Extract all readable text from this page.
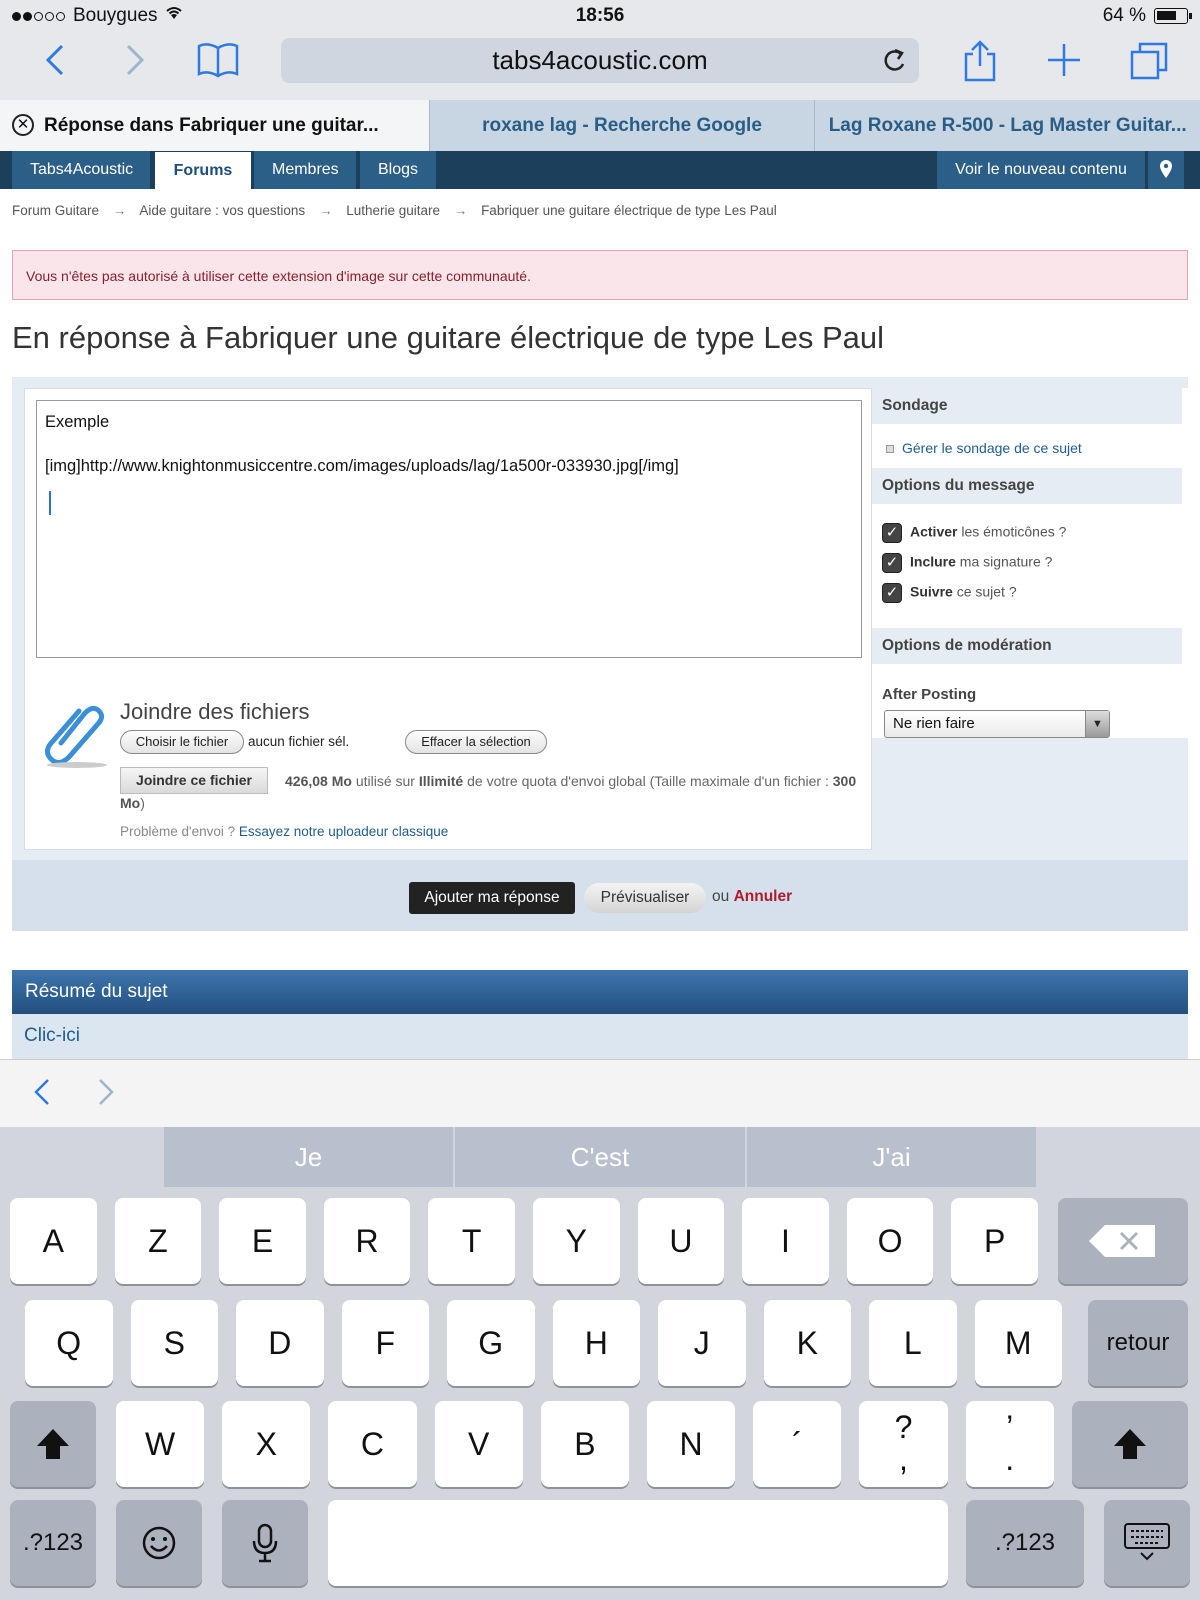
Bouygues	18:56	64 %
tabs4acoustic.com
✕ Réponse dans Fabriquer une guitar...	roxane lag - Recherche Google	Lag Roxane R-500 - Lag Master Guitar...
Tabs4Acoustic	Forums	Membres	Blogs	Voir le nouveau contenu
Forum Guitare → Aide guitare : vos questions → Lutherie guitare → Fabriquer une guitare électrique de type Les Paul
Vous n'êtes pas autorisé à utiliser cette extension d'image sur cette communauté.
En réponse à Fabriquer une guitare électrique de type Les Paul
Exemple
[img]http://www.knightonmusiccentre.com/images/uploads/lag/1a500r-033930.jpg[/img]
Joindre des fichiers
Choisir le fichier	aucun fichier sél.	Effacer la sélection
426,08 Mo utilisé sur Illimité de votre quota d'envoi global (Taille maximale d'un fichier : 300 Mo)
Joindre ce fichier
Problème d'envoi ? Essayez notre uploadeur classique
Sondage
Gérer le sondage de ce sujet
Options du message
✓ Activer les émoticônes ?
✓ Inclure ma signature ?
✓ Suivre ce sujet ?
Options de modération
After Posting
Ne rien faire	▼
Ajouter ma réponse	Prévisualiser	ou Annuler
Résumé du sujet
Clic-ici
Je	C'est	J'ai
retour
.?123	.?123
A	Z	E	R	T	Y	U	I	O	P
Q	S	D	F	G	H	J	K	L	M
W	X	C	V	B	N	´	?
,
’
.
